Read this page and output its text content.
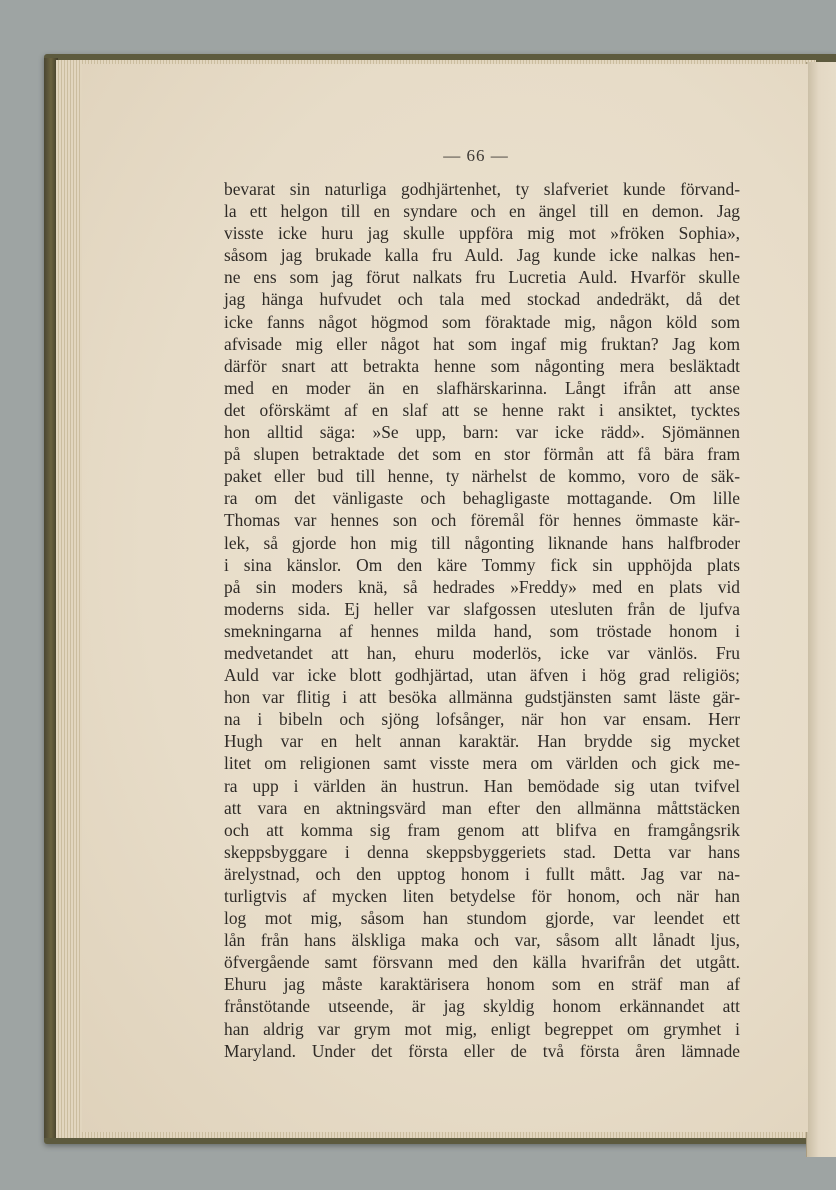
— 66 —
bevarat sin naturliga godhjärtenhet, ty slafveriet kunde förvand-
la ett helgon till en syndare och en ängel till en demon. Jag
visste icke huru jag skulle uppföra mig mot »fröken Sophia»,
såsom jag brukade kalla fru Auld. Jag kunde icke nalkas hen-
ne ens som jag förut nalkats fru Lucretia Auld. Hvarför skulle
jag hänga hufvudet och tala med stockad andedräkt, då det
icke fanns något högmod som föraktade mig, någon köld som
afvisade mig eller något hat som ingaf mig fruktan? Jag kom
därför snart att betrakta henne som någonting mera besläktadt
med en moder än en slafhärskarinna. Långt ifrån att anse
det oförskämt af en slaf att se henne rakt i ansiktet, tycktes
hon alltid säga: »Se upp, barn: var icke rädd». Sjömännen
på slupen betraktade det som en stor förmån att få bära fram
paket eller bud till henne, ty närhelst de kommo, voro de säk-
ra om det vänligaste och behagligaste mottagande. Om lille
Thomas var hennes son och föremål för hennes ömmaste kär-
lek, så gjorde hon mig till någonting liknande hans halfbroder
i sina känslor. Om den käre Tommy fick sin upphöjda plats
på sin moders knä, så hedrades »Freddy» med en plats vid
moderns sida. Ej heller var slafgossen utesluten från de ljufva
smekningarna af hennes milda hand, som tröstade honom i
medvetandet att han, ehuru moderlös, icke var vänlös. Fru
Auld var icke blott godhjärtad, utan äfven i hög grad religiös;
hon var flitig i att besöka allmänna gudstjänsten samt läste gär-
na i bibeln och sjöng lofsånger, när hon var ensam. Herr
Hugh var en helt annan karaktär. Han brydde sig mycket
litet om religionen samt visste mera om världen och gick me-
ra upp i världen än hustrun. Han bemödade sig utan tvifvel
att vara en aktningsvärd man efter den allmänna måttstäcken
och att komma sig fram genom att blifva en framgångsrik
skeppsbyggare i denna skeppsbyggeriets stad. Detta var hans
ärelystnad, och den upptog honom i fullt mått. Jag var na-
turligtvis af mycken liten betydelse för honom, och när han
log mot mig, såsom han stundom gjorde, var leendet ett
lån från hans älskliga maka och var, såsom allt lånadt ljus,
öfvergående samt försvann med den källa hvarifrån det utgått.
Ehuru jag måste karaktärisera honom som en sträf man af
frånstötande utseende, är jag skyldig honom erkännandet att
han aldrig var grym mot mig, enligt begreppet om grymhet i
Maryland. Under det första eller de två första åren lämnade
